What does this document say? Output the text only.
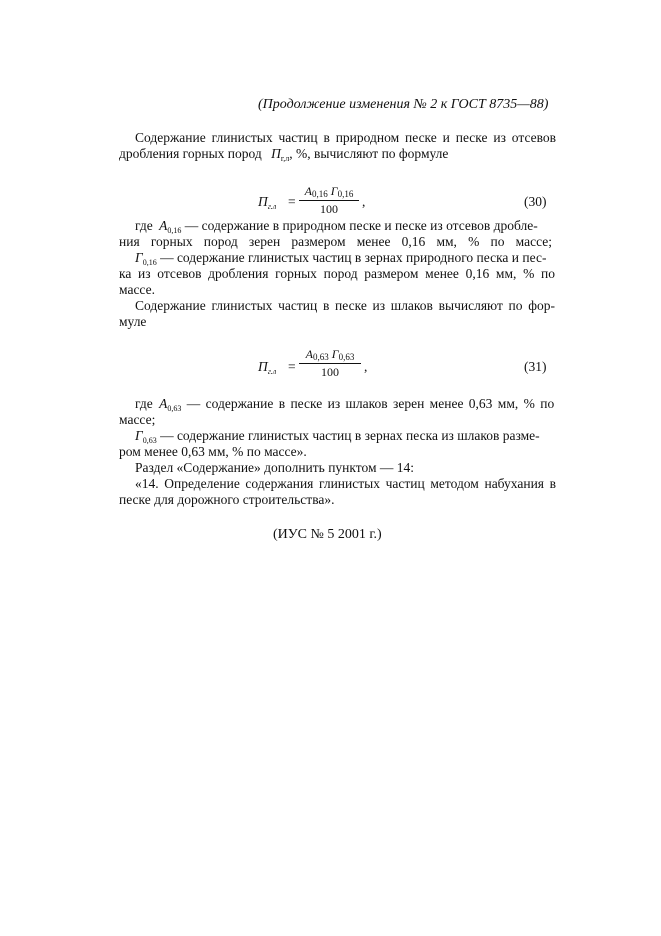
(Продолжение изменения № 2 к ГОСТ 8735—88)
Содержание глинистых частиц в природном песке и песке из отсевов
дробления горных пород $П_{г,л}$, %, вычисляют по формуле
$П_{г.л}$ =
А0,16 Г0,16
100	,	(30)
где $А_{0,16}$ — содержание в природном песке и песке из отсевов дробле-
ния горных пород зерен размером менее 0,16 мм, % по массе;
$Г_{0,16}$ — содержание глинистых частиц в зернах природного песка и пес-
ка из отсевов дробления горных пород размером менее 0,16 мм, % по
массе.
Содержание глинистых частиц в песке из шлаков вычисляют по фор-
муле
$П_{г.л}$ =
А0,63 Г0,63
100	,	(31)
где $А_{0,63}$ — содержание в песке из шлаков зерен менее 0,63 мм, % по
массе;
$Г_{0,63}$ — содержание глинистых частиц в зернах песка из шлаков разме-
ром менее 0,63 мм, % по массе».
Раздел «Содержание» дополнить пунктом — 14:
«14. Определение содержания глинистых частиц методом набухания в
песке для дорожного строительства».
(ИУС № 5 2001 г.)
